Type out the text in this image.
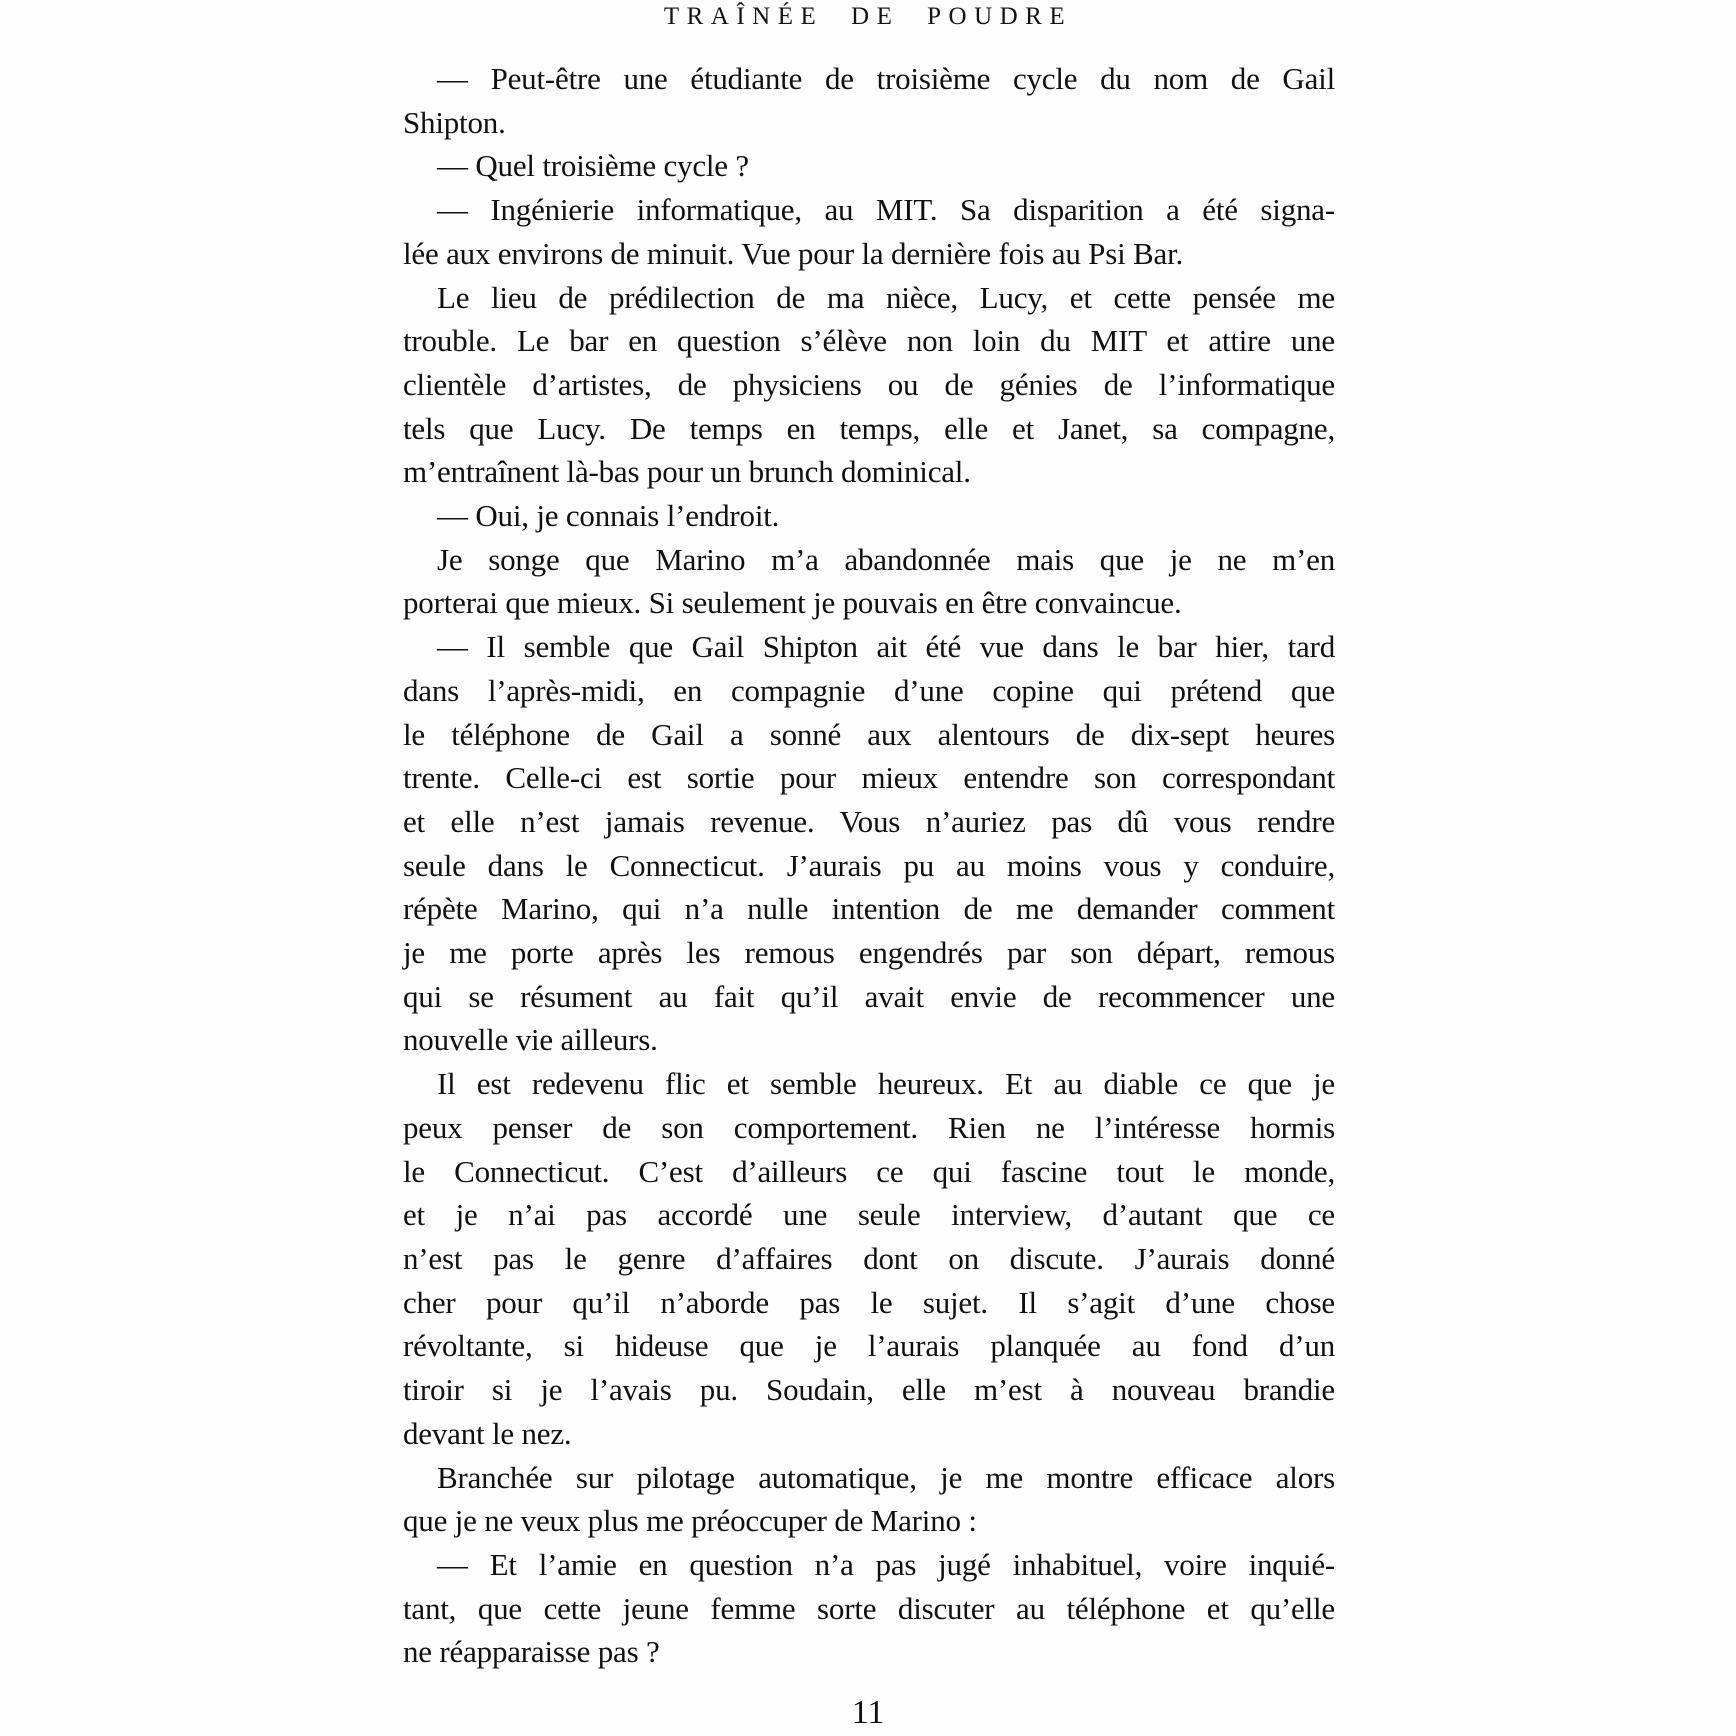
TRAÎNÉE DE POUDRE
— Peut-être une étudiante de troisième cycle du nom de Gail
Shipton.
— Quel troisième cycle ?
— Ingénierie informatique, au MIT. Sa disparition a été signa-
lée aux environs de minuit. Vue pour la dernière fois au Psi Bar.
Le lieu de prédilection de ma nièce, Lucy, et cette pensée me
trouble. Le bar en question s’élève non loin du MIT et attire une
clientèle d’artistes, de physiciens ou de génies de l’informatique
tels que Lucy. De temps en temps, elle et Janet, sa compagne,
m’entraînent là-bas pour un brunch dominical.
— Oui, je connais l’endroit.
Je songe que Marino m’a abandonnée mais que je ne m’en
porterai que mieux. Si seulement je pouvais en être convaincue.
— Il semble que Gail Shipton ait été vue dans le bar hier, tard
dans l’après-midi, en compagnie d’une copine qui prétend que
le téléphone de Gail a sonné aux alentours de dix-sept heures
trente. Celle-ci est sortie pour mieux entendre son correspondant
et elle n’est jamais revenue. Vous n’auriez pas dû vous rendre
seule dans le Connecticut. J’aurais pu au moins vous y conduire,
répète Marino, qui n’a nulle intention de me demander comment
je me porte après les remous engendrés par son départ, remous
qui se résument au fait qu’il avait envie de recommencer une
nouvelle vie ailleurs.
Il est redevenu flic et semble heureux. Et au diable ce que je
peux penser de son comportement. Rien ne l’intéresse hormis
le Connecticut. C’est d’ailleurs ce qui fascine tout le monde,
et je n’ai pas accordé une seule interview, d’autant que ce
n’est pas le genre d’affaires dont on discute. J’aurais donné
cher pour qu’il n’aborde pas le sujet. Il s’agit d’une chose
révoltante, si hideuse que je l’aurais planquée au fond d’un
tiroir si je l’avais pu. Soudain, elle m’est à nouveau brandie
devant le nez.
Branchée sur pilotage automatique, je me montre efficace alors
que je ne veux plus me préoccuper de Marino :
— Et l’amie en question n’a pas jugé inhabituel, voire inquié-
tant, que cette jeune femme sorte discuter au téléphone et qu’elle
ne réapparaisse pas ?
11
